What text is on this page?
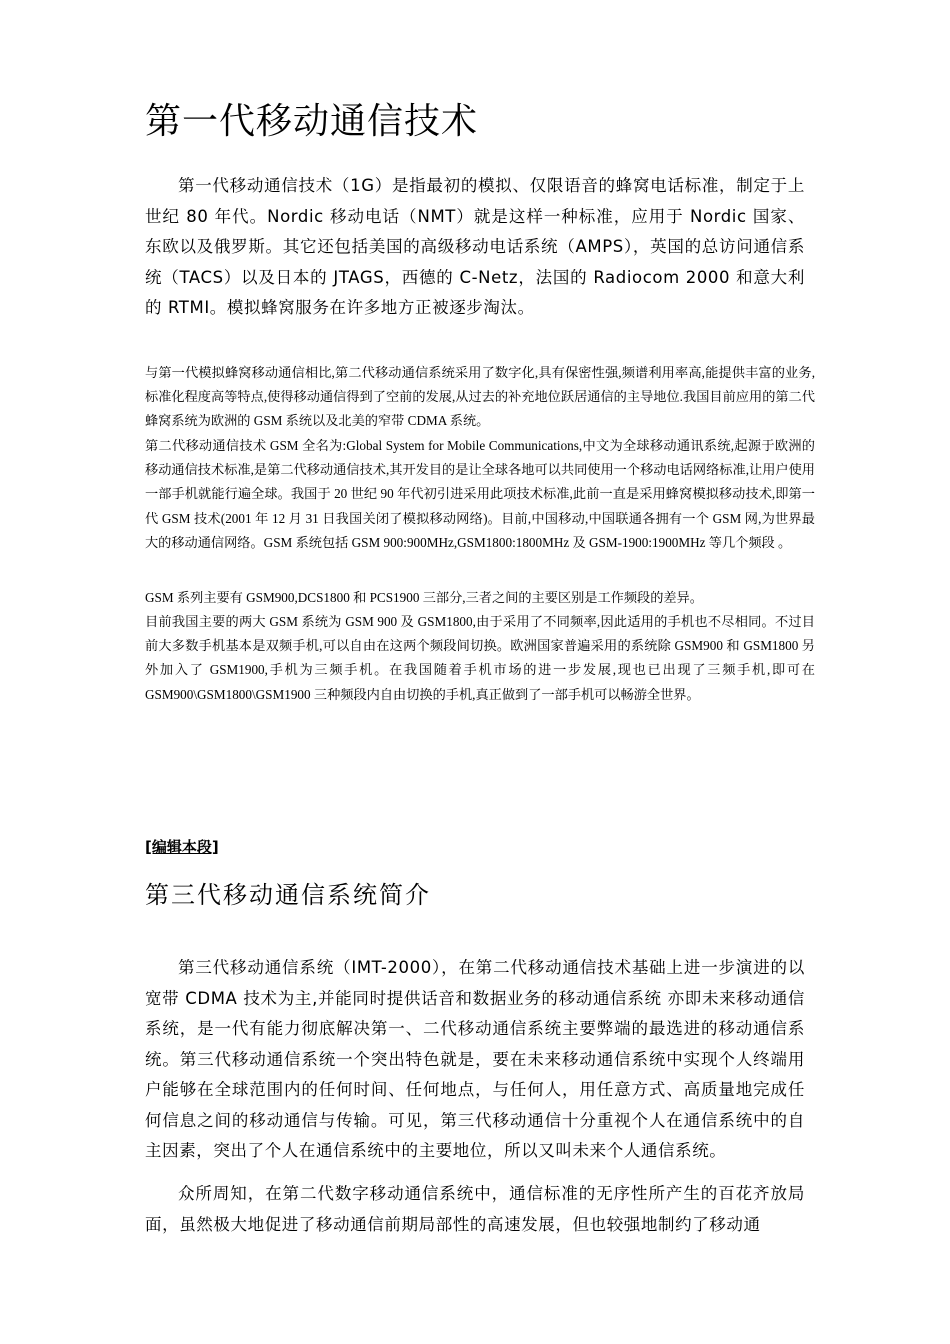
第一代移动通信技术

第一代移动通信技术（1G）是指最初的模拟、仅限语音的蜂窝电话标准，制定于上世纪 80 年代。Nordic 移动电话（NMT）就是这样一种标准，应用于 Nordic 国家、东欧以及俄罗斯。其它还包括美国的高级移动电话系统（AMPS），英国的总访问通信系统（TACS）以及日本的 JTAGS，西德的 C-Netz，法国的 Radiocom 2000 和意大利的 RTMI。模拟蜂窝服务在许多地方正被逐步淘汰。

与第一代模拟蜂窝移动通信相比,第二代移动通信系统采用了数字化,具有保密性强,频谱利用率高,能提供丰富的业务,标准化程度高等特点,使得移动通信得到了空前的发展,从过去的补充地位跃居通信的主导地位.我国目前应用的第二代蜂窝系统为欧洲的 GSM 系统以及北美的窄带 CDMA 系统。

第二代移动通信技术 GSM 全名为:Global System for Mobile Communications,中文为全球移动通讯系统,起源于欧洲的移动通信技术标准,是第二代移动通信技术,其开发目的是让全球各地可以共同使用一个移动电话网络标准,让用户使用一部手机就能行遍全球。我国于 20 世纪 90 年代初引进采用此项技术标准,此前一直是采用蜂窝模拟移动技术,即第一代 GSM 技术(2001 年 12 月 31 日我国关闭了模拟移动网络)。目前,中国移动,中国联通各拥有一个 GSM 网,为世界最大的移动通信网络。GSM 系统包括 GSM 900:900MHz,GSM1800:1800MHz 及 GSM-1900:1900MHz 等几个频段 。

GSM 系列主要有 GSM900,DCS1800 和 PCS1900 三部分,三者之间的主要区别是工作频段的差异。

目前我国主要的两大 GSM 系统为 GSM 900 及 GSM1800,由于采用了不同频率,因此适用的手机也不尽相同。不过目前大多数手机基本是双频手机,可以自由在这两个频段间切换。欧洲国家普遍采用的系统除 GSM900 和 GSM1800 另外加入了 GSM1900,手机为三频手机。在我国随着手机市场的进一步发展,现也已出现了三频手机,即可在 GSM900\GSM1800\GSM1900 三种频段内自由切换的手机,真正做到了一部手机可以畅游全世界。

[编辑本段]
第三代移动通信系统简介

第三代移动通信系统（IMT-2000），在第二代移动通信技术基础上进一步演进的以宽带 CDMA 技术为主,并能同时提供话音和数据业务的移动通信系统 亦即未来移动通信系统，是一代有能力彻底解决第一、二代移动通信系统主要弊端的最选进的移动通信系统。第三代移动通信系统一个突出特色就是，要在未来移动通信系统中实现个人终端用户能够在全球范围内的任何时间、任何地点，与任何人，用任意方式、高质量地完成任何信息之间的移动通信与传输。可见，第三代移动通信十分重视个人在通信系统中的自主因素，突出了个人在通信系统中的主要地位，所以又叫未来个人通信系统。

众所周知，在第二代数字移动通信系统中，通信标准的无序性所产生的百花齐放局面，虽然极大地促进了移动通信前期局部性的高速发展，但也较强地制约了移动通
